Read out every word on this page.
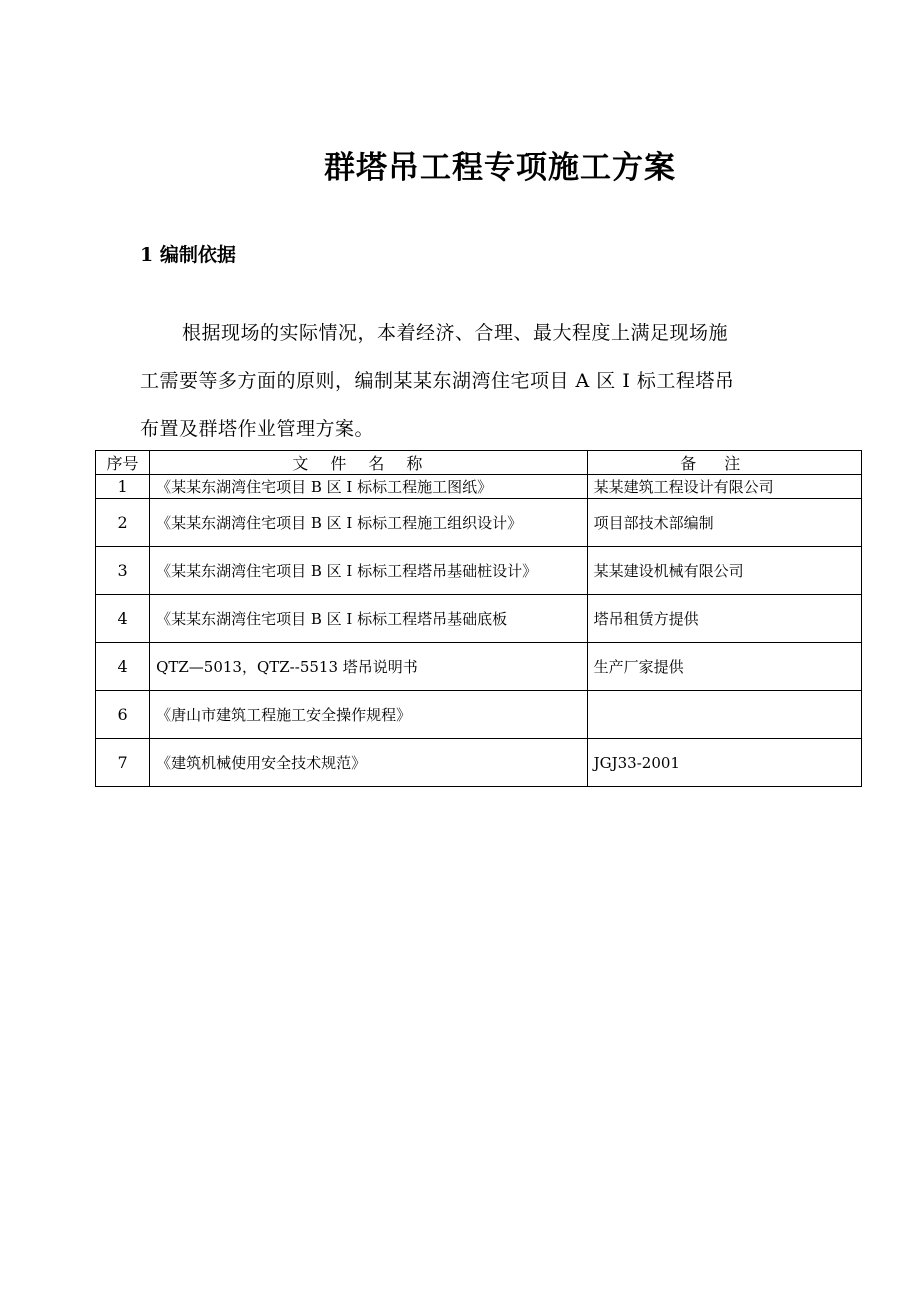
群塔吊工程专项施工方案
1 编制依据
根据现场的实际情况，本着经济、合理、最大程度上满足现场施
工需要等多方面的原则，编制某某东湖湾住宅项目 A 区 I 标工程塔吊
布置及群塔作业管理方案。
序号	文件名称	备注
1	《某某东湖湾住宅项目 B 区 I 标标工程施工图纸》	某某建筑工程设计有限公司
2	《某某东湖湾住宅项目 B 区 I 标标工程施工组织设计》	项目部技术部编制
3	《某某东湖湾住宅项目 B 区 I 标标工程塔吊基础桩设计》	某某建设机械有限公司
4	《某某东湖湾住宅项目 B 区 I 标标工程塔吊基础底板	塔吊租赁方提供
4	QTZ—5013，QTZ--5513 塔吊说明书	生产厂家提供
6	《唐山市建筑工程施工安全操作规程》	
7	《建筑机械使用安全技术规范》	JGJ33-2001
